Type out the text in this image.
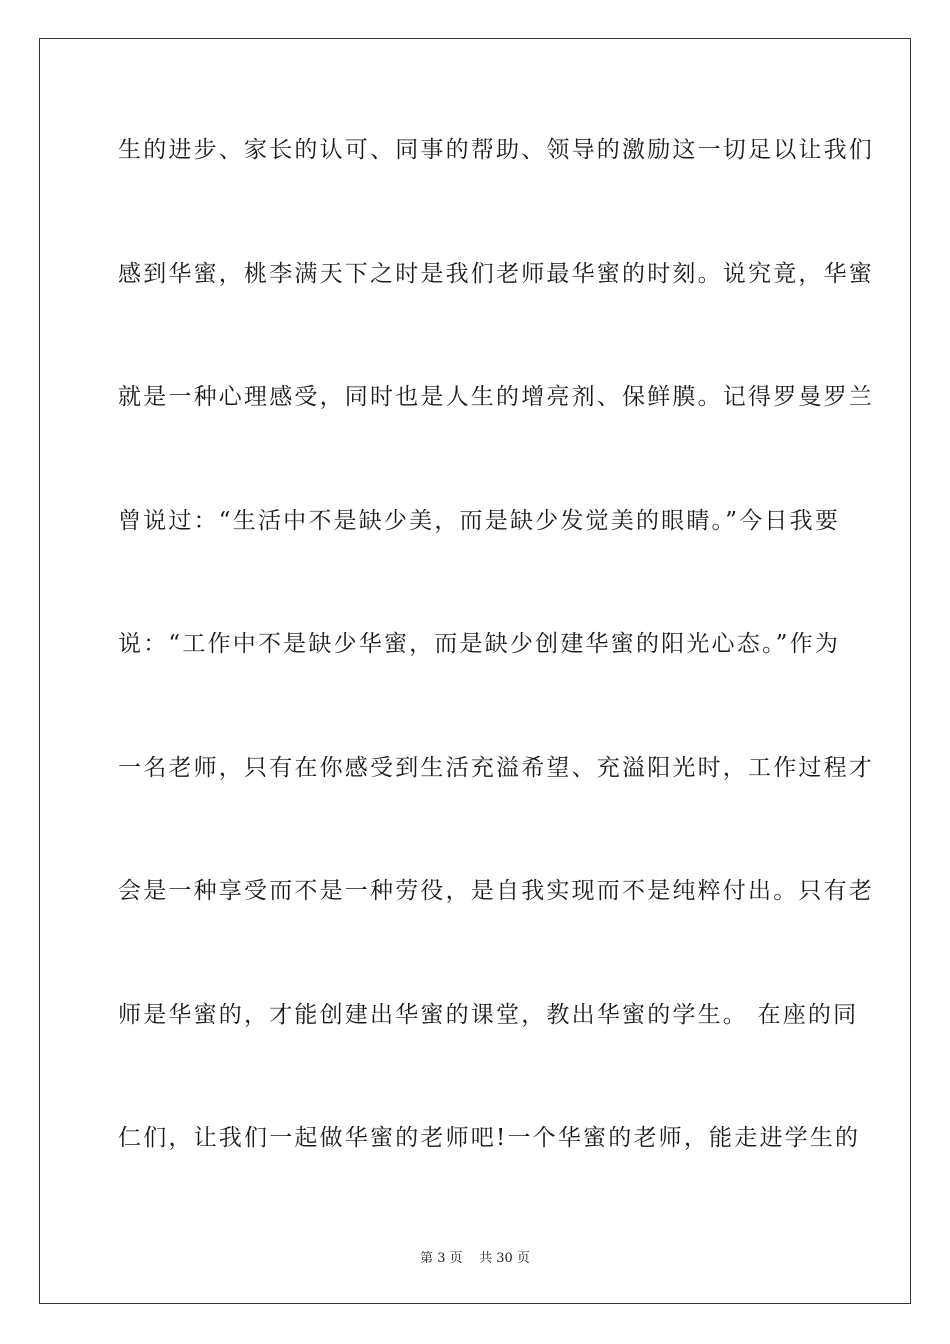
生的进步、家长的认可、同事的帮助、领导的激励这一切足以让我们
感到华蜜，桃李满天下之时是我们老师最华蜜的时刻。说究竟，华蜜
就是一种心理感受，同时也是人生的增亮剂、保鲜膜。记得罗曼罗兰
曾说过：“生活中不是缺少美，而是缺少发觉美的眼睛。”今日我要
说：“工作中不是缺少华蜜，而是缺少创建华蜜的阳光心态。”作为
一名老师，只有在你感受到生活充溢希望、充溢阳光时，工作过程才
会是一种享受而不是一种劳役，是自我实现而不是纯粹付出。只有老
师是华蜜的，才能创建出华蜜的课堂，教出华蜜的学生。 在座的同
仁们，让我们一起做华蜜的老师吧!一个华蜜的老师，能走进学生的
第 3 页    共 30 页
